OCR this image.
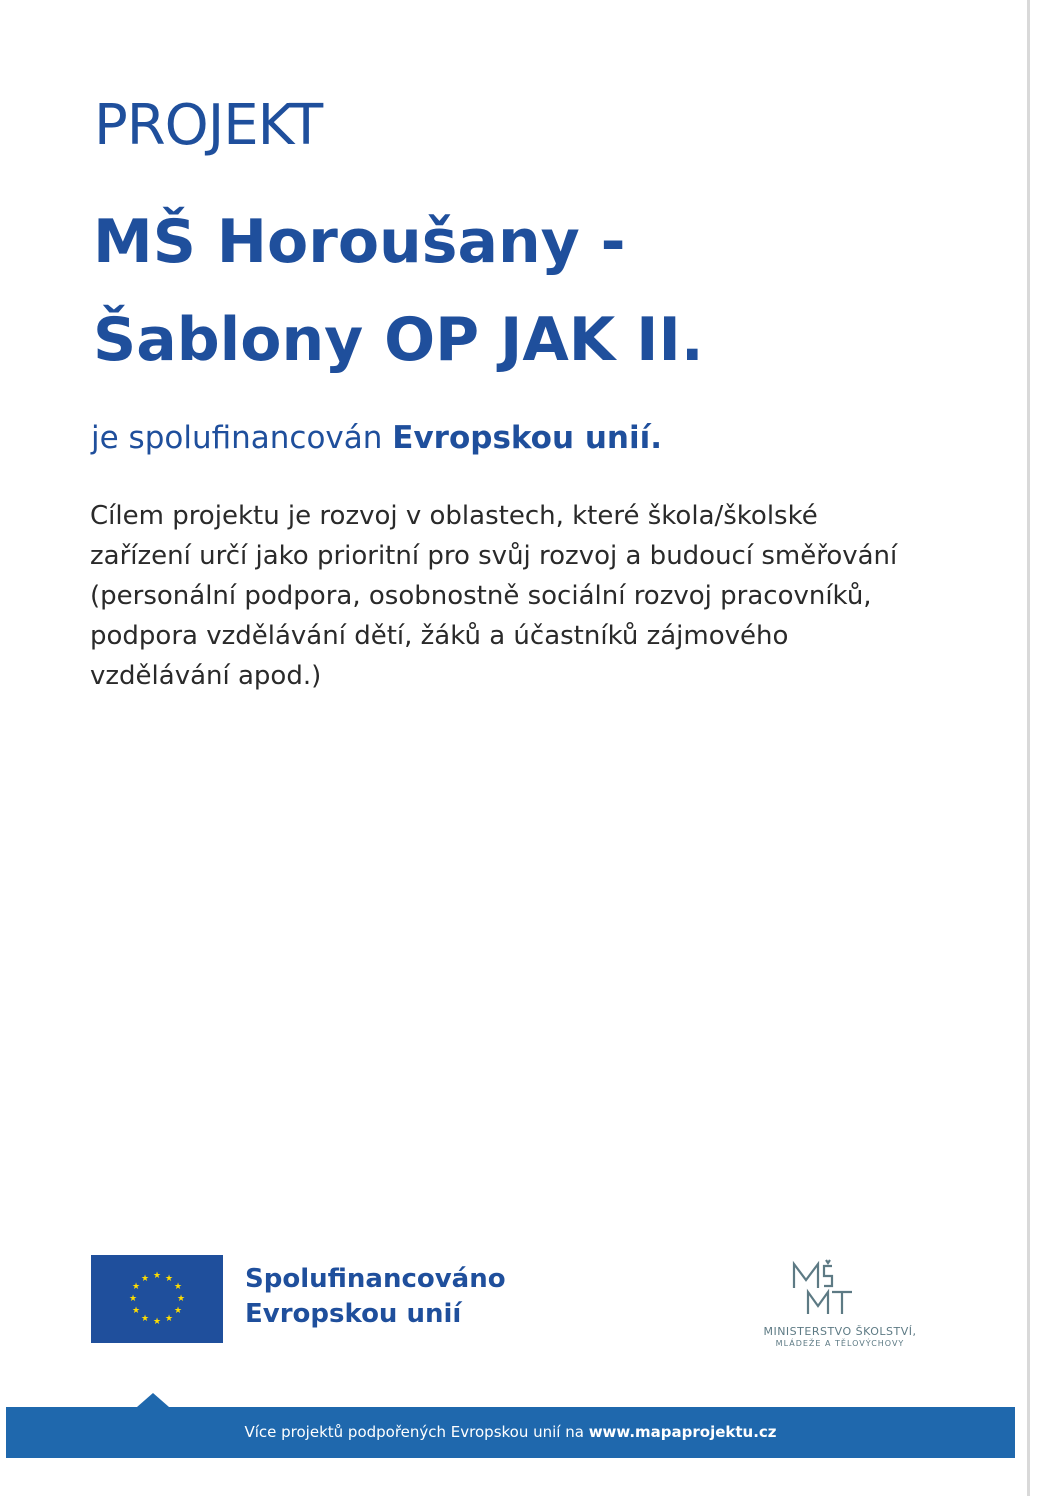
PROJEKT
MŠ Horoušany -
Šablony OP JAK II.
je spolufinancován Evropskou unií.
Cílem projektu je rozvoj v oblastech, které škola/školské
zařízení určí jako prioritní pro svůj rozvoj a budoucí směřování
(personální podpora, osobnostně sociální rozvoj pracovníků,
podpora vzdělávání dětí, žáků a účastníků zájmového
vzdělávání apod.)
★ ★
★
★
★
★
★
★
★
★
★
★	Spolufinancováno
Evropskou unií
MINISTERSTVO ŠKOLSTVÍ,
MLÁDEŽE A TĚLOVÝCHOVY
Více projektů podpořených Evropskou unií na www.mapaprojektu.cz
